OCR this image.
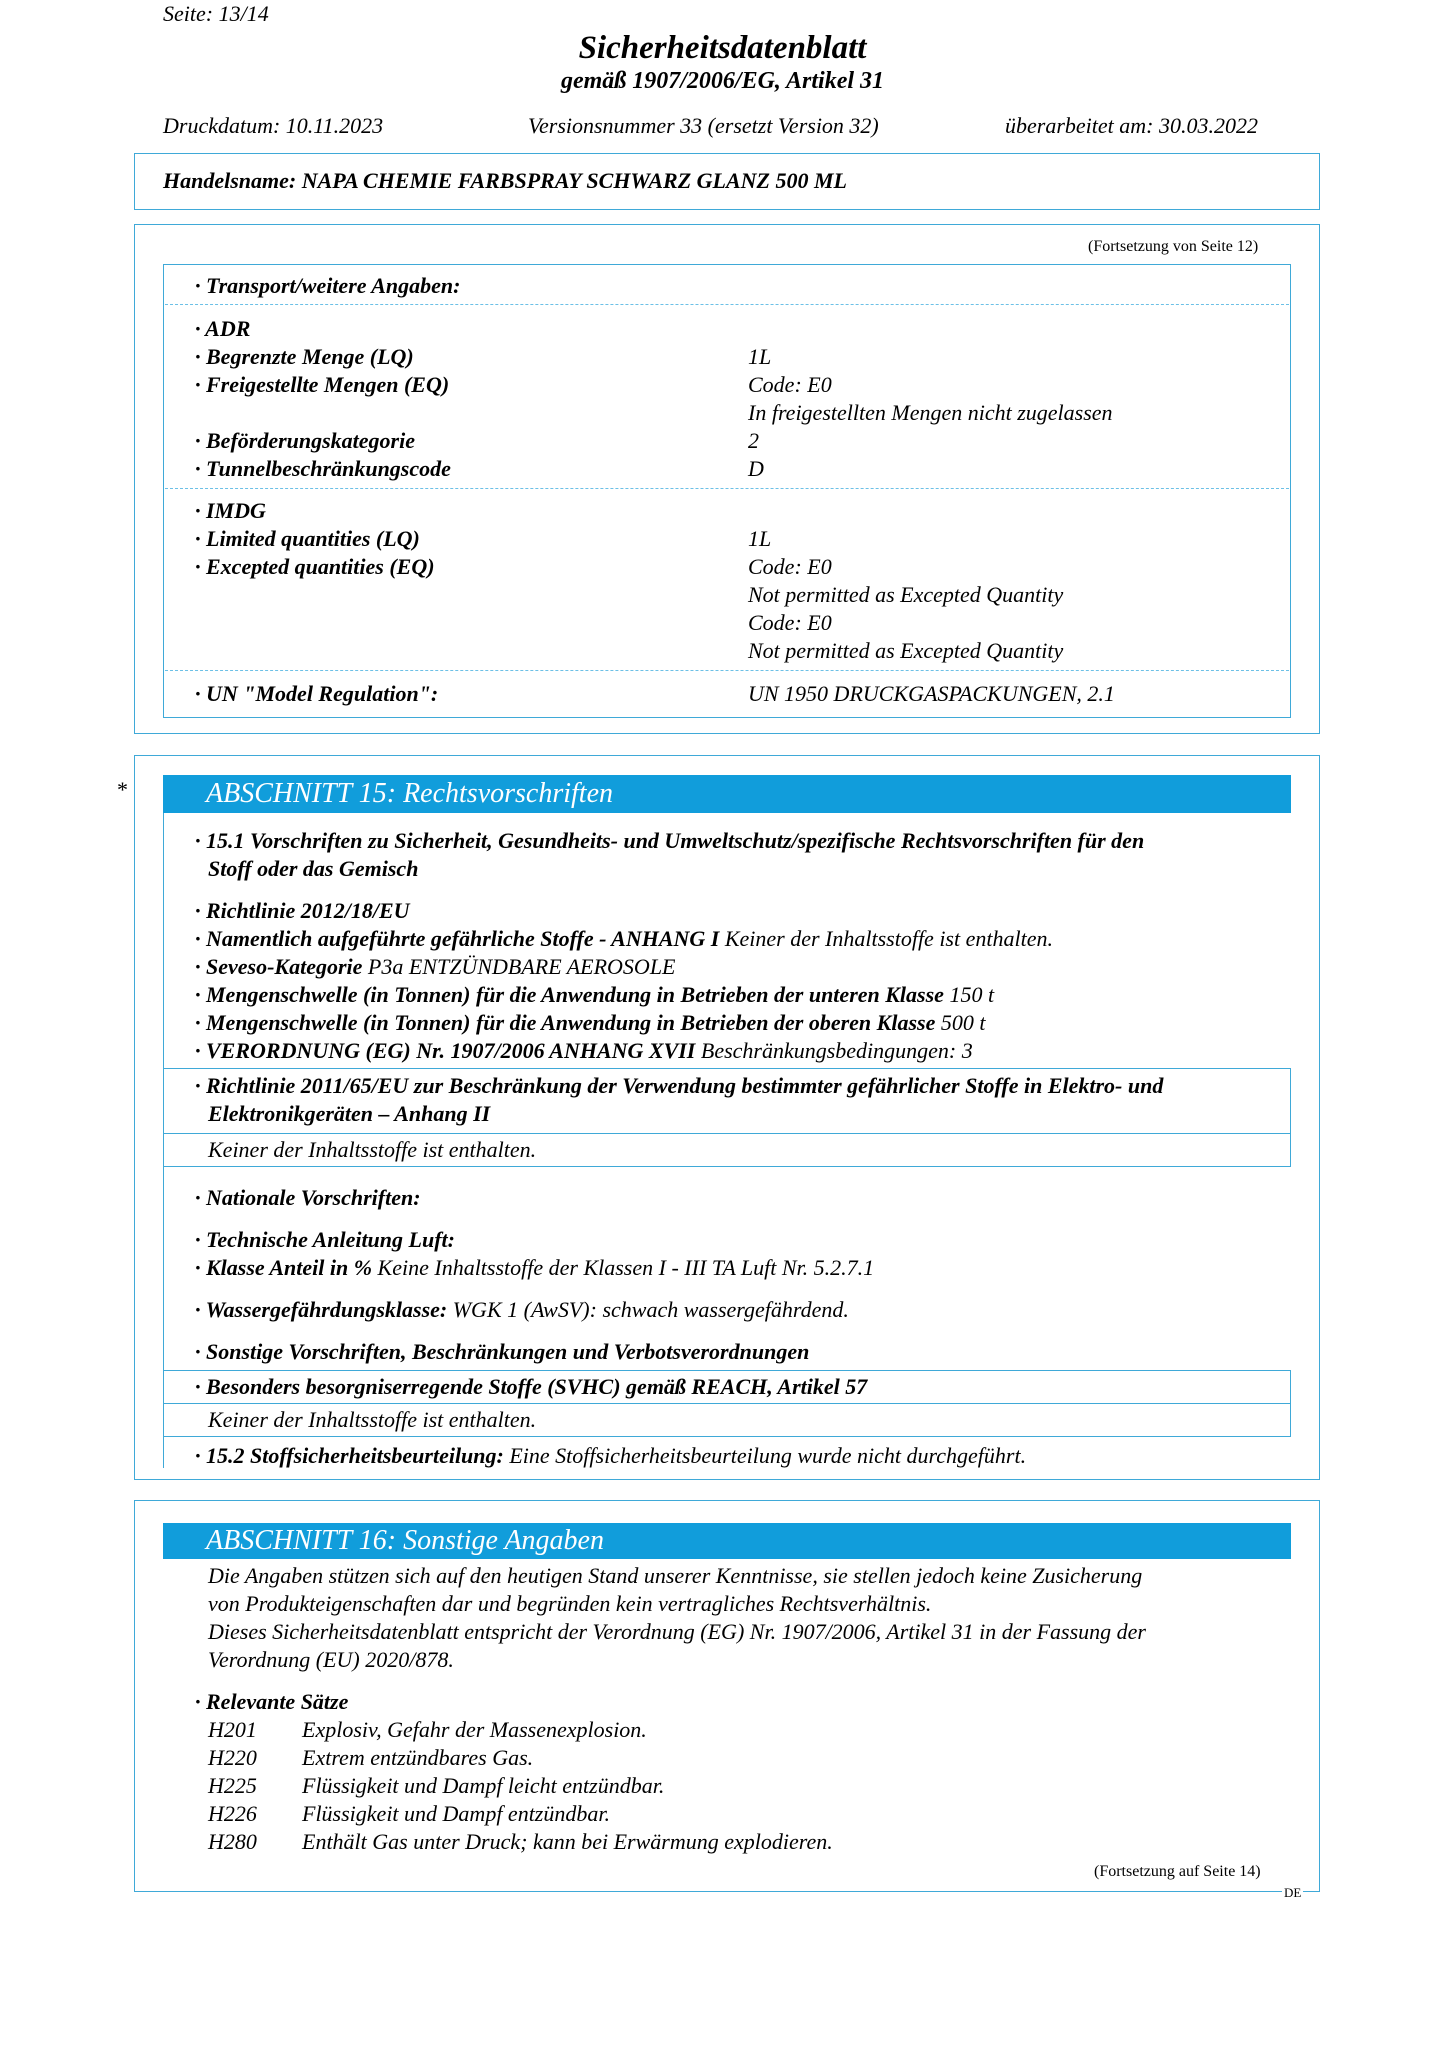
Seite: 13/14
Sicherheitsdatenblatt
gemäß 1907/2006/EG, Artikel 31
Druckdatum: 10.11.2023	Versionsnummer 33 (ersetzt Version 32)	überarbeitet am: 30.03.2022
Handelsname: NAPA CHEMIE FARBSPRAY SCHWARZ GLANZ 500 ML
(Fortsetzung von Seite 12)
· Transport/weitere Angaben:
· ADR
· Begrenzte Menge (LQ)	1L
· Freigestellte Mengen (EQ)	Code: E0
In freigestellten Mengen nicht zugelassen
· Beförderungskategorie	2
· Tunnelbeschränkungscode	D
· IMDG
· Limited quantities (LQ)	1L
· Excepted quantities (EQ)	Code: E0
Not permitted as Excepted Quantity
Code: E0
Not permitted as Excepted Quantity
· UN "Model Regulation":	UN 1950 DRUCKGASPACKUNGEN, 2.1
*	ABSCHNITT 15: Rechtsvorschriften
· 15.1 Vorschriften zu Sicherheit, Gesundheits- und Umweltschutz/spezifische Rechtsvorschriften für den
Stoff oder das Gemisch
· Richtlinie 2012/18/EU
· Namentlich aufgeführte gefährliche Stoffe - ANHANG I Keiner der Inhaltsstoffe ist enthalten.
· Seveso-Kategorie P3a ENTZÜNDBARE AEROSOLE
· Mengenschwelle (in Tonnen) für die Anwendung in Betrieben der unteren Klasse 150 t
· Mengenschwelle (in Tonnen) für die Anwendung in Betrieben der oberen Klasse 500 t
· VERORDNUNG (EG) Nr. 1907/2006 ANHANG XVII Beschränkungsbedingungen: 3
· Richtlinie 2011/65/EU zur Beschränkung der Verwendung bestimmter gefährlicher Stoffe in Elektro- und
Elektronikgeräten – Anhang II
Keiner der Inhaltsstoffe ist enthalten.
· Nationale Vorschriften:
· Technische Anleitung Luft:
· Klasse Anteil in % Keine Inhaltsstoffe der Klassen I - III TA Luft Nr. 5.2.7.1
· Wassergefährdungsklasse: WGK 1 (AwSV): schwach wassergefährdend.
· Sonstige Vorschriften, Beschränkungen und Verbotsverordnungen
· Besonders besorgniserregende Stoffe (SVHC) gemäß REACH, Artikel 57
Keiner der Inhaltsstoffe ist enthalten.
· 15.2 Stoffsicherheitsbeurteilung: Eine Stoffsicherheitsbeurteilung wurde nicht durchgeführt.
ABSCHNITT 16: Sonstige Angaben
Die Angaben stützen sich auf den heutigen Stand unserer Kenntnisse, sie stellen jedoch keine Zusicherung
von Produkteigenschaften dar und begründen kein vertragliches Rechtsverhältnis.
Dieses Sicherheitsdatenblatt entspricht der Verordnung (EG) Nr. 1907/2006, Artikel 31 in der Fassung der
Verordnung (EU) 2020/878.
· Relevante Sätze
H201 Explosiv, Gefahr der Massenexplosion.
H220 Extrem entzündbares Gas.
H225 Flüssigkeit und Dampf leicht entzündbar.
H226 Flüssigkeit und Dampf entzündbar.
H280 Enthält Gas unter Druck; kann bei Erwärmung explodieren.
(Fortsetzung auf Seite 14)
DE
